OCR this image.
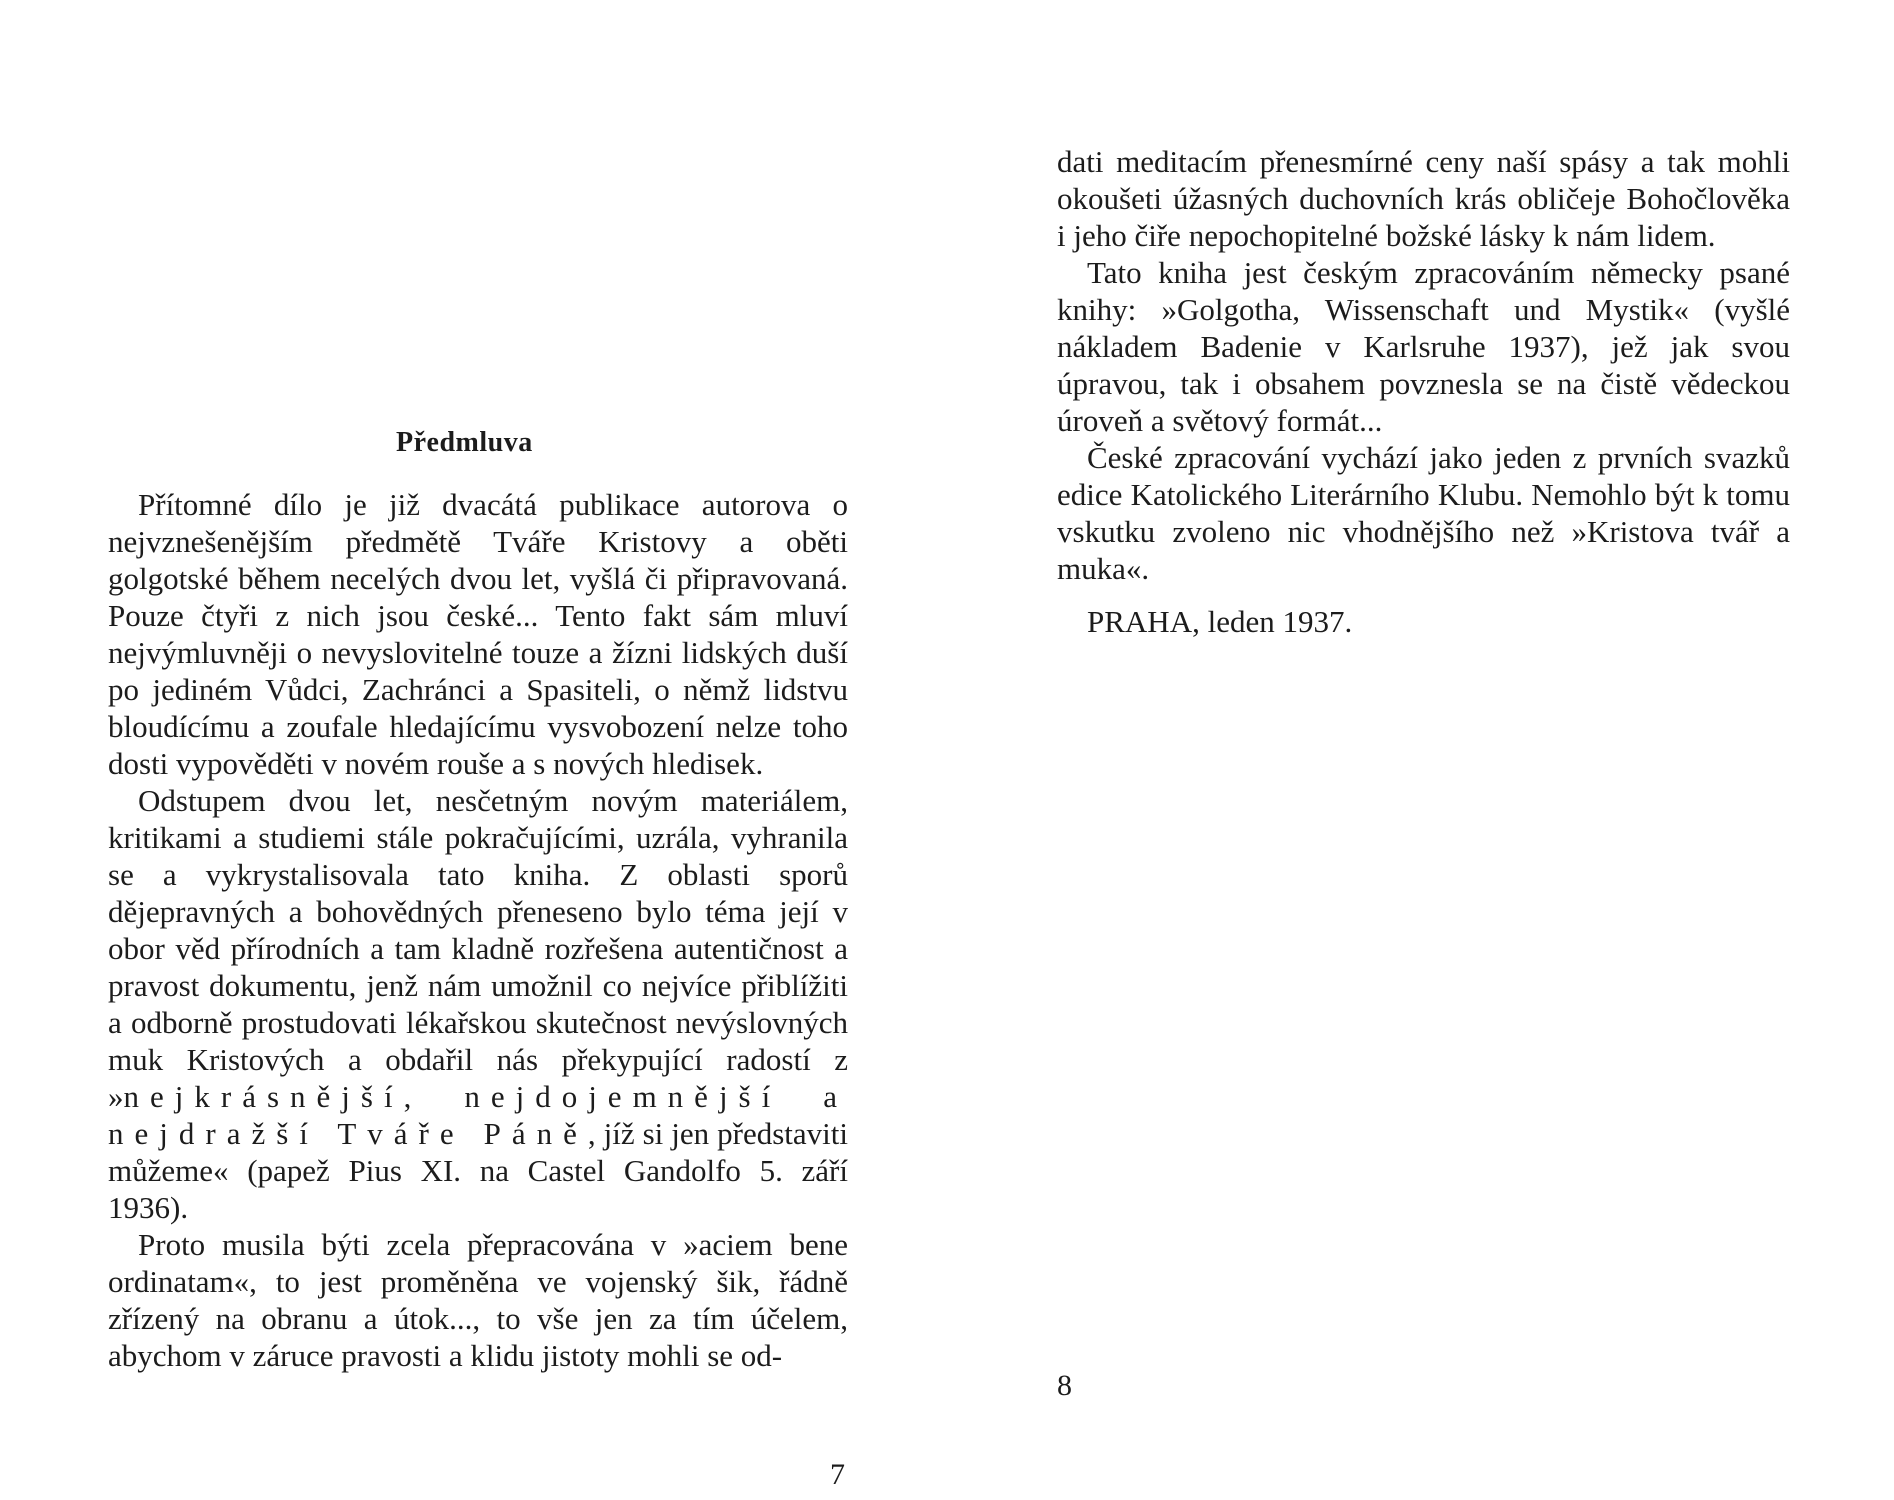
Předmluva

Přítomné dílo je již dvacátá publikace autorova o nejvznešenějším předmětě Tváře Kristovy a oběti golgotské během necelých dvou let, vyšlá či připravovaná. Pouze čtyři z nich jsou české... Tento fakt sám mluví nejvýmluvněji o nevyslovitelné touze a žízni lidských duší po jediném Vůdci, Zachránci a Spasiteli, o němž lidstvu bloudícímu a zoufale hledajícímu vysvobození nelze toho dosti vypověděti v novém rouše a s nových hledisek.

Odstupem dvou let, nesčetným novým materiálem, kritikami a studiemi stále pokračujícími, uzrála, vyhranila se a vykrystalisovala tato kniha. Z oblasti sporů dějepravných a bohovědných přeneseno bylo téma její v obor věd přírodních a tam kladně rozřešena autentičnost a pravost dokumentu, jenž nám umožnil co nejvíce přiblížiti a odborně prostudovati lékařskou skutečnost nevýslovných muk Kristových a obdařil nás překypující radostí z »nejkrásnější, nejdojemnější a nejdražší Tváře Páně, jíž si jen představiti můžeme« (papež Pius XI. na Castel Gandolfo 5. září 1936).

Proto musila býti zcela přepracována v »aciem bene ordinatam«, to jest proměněna ve vojenský šik, řádně zřízený na obranu a útok..., to vše jen za tím účelem, abychom v záruce pravosti a klidu jistoty mohli se od-

7

dati meditacím přenesmírné ceny naší spásy a tak mohli okoušeti úžasných duchovních krás obličeje Bohočlověka i jeho čiře nepochopitelné božské lásky k nám lidem.

Tato kniha jest českým zpracováním německy psané knihy: »Golgotha, Wissenschaft und Mystik« (vyšlé nákladem Badenie v Karlsruhe 1937), jež jak svou úpravou, tak i obsahem povznesla se na čistě vědeckou úroveň a světový formát...

České zpracování vychází jako jeden z prvních svazků edice Katolického Literárního Klubu. Nemohlo být k tomu vskutku zvoleno nic vhodnějšího než »Kristova tvář a muka«.

PRAHA, leden 1937.

8
